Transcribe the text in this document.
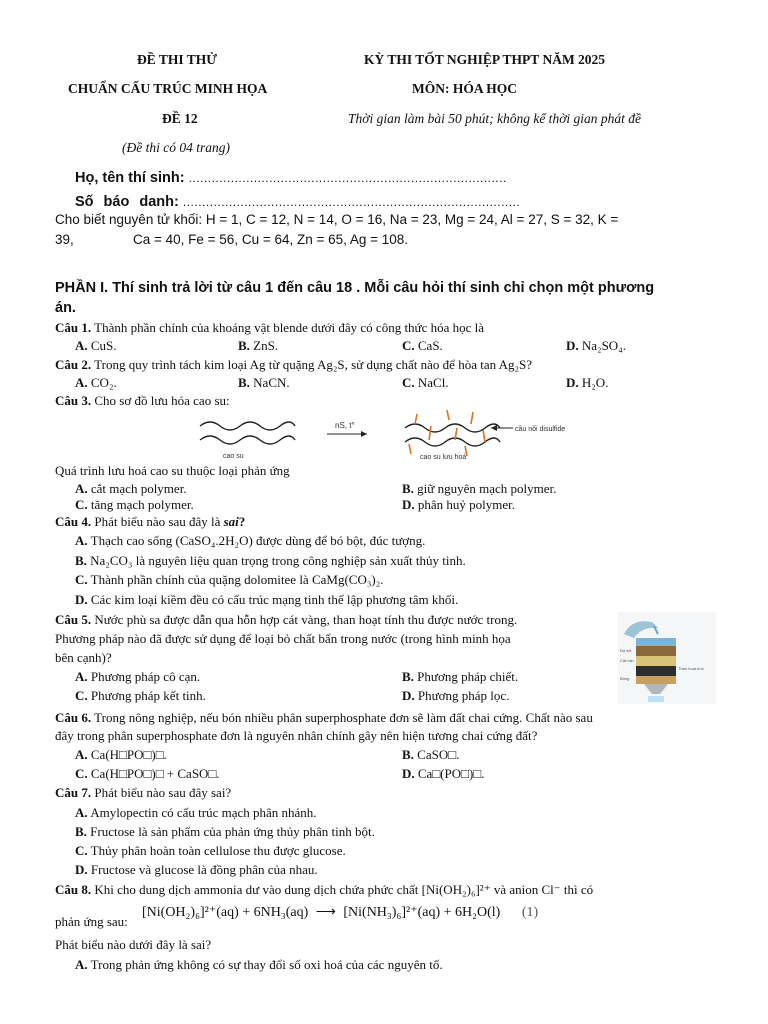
ĐỀ THI THỬ
CHUẨN CẤU TRÚC MINH HỌA
ĐỀ 12
(Đề thi có 04 trang)
KỲ THI TỐT NGHIỆP THPT NĂM 2025
MÔN: HÓA HỌC
Thời gian làm bài 50 phút; không kể thời gian phát đề
Họ, tên thí sinh: ...................................................................................
Số báo danh: ........................................................................................
Cho biết nguyên tử khối: H = 1, C = 12, N = 14, O = 16, Na = 23, Mg = 24, Al = 27, S = 32, K =
39,	Ca = 40, Fe = 56, Cu = 64, Zn = 65, Ag = 108.
PHẦN I. Thí sinh trả lời từ câu 1 đến câu 18 . Mỗi câu hỏi thí sinh chỉ chọn một phương
án.
Câu 1. Thành phần chính của khoáng vật blende dưới đây có công thức hóa học là
A. CuS.	B. ZnS.	C. CaS.	D. Na₂SO₄.
Câu 2. Trong quy trình tách kim loại Ag từ quặng Ag₂S, sử dụng chất nào để hòa tan Ag₂S?
A. CO₂.	B. NaCN.	C. NaCl.	D. H₂O.
Câu 3. Cho sơ đồ lưu hóa cao su:
cao su
nS, t°	cầu nối disulfide
cao su lưu hoá
Quá trình lưu hoá cao su thuộc loại phản ứng
A. cắt mạch polymer.	B. giữ nguyên mạch polymer.
C. tăng mạch polymer.	D. phân huỷ polymer.
Câu 4. Phát biểu nào sau đây là sai?
A. Thạch cao sống (CaSO₄.2H₂O) được dùng để bó bột, đúc tượng.
B. Na₂CO₃ là nguyên liệu quan trọng trong công nghiệp sản xuất thủy tinh.
C. Thành phần chính của quặng dolomitee là CaMg(CO₃)₂.
D. Các kim loại kiềm đều có cấu trúc mạng tinh thể lập phương tâm khối.
Câu 5. Nước phù sa được dẫn qua hỗn hợp cát vàng, than hoạt tính thu được nước trong.
Phương pháp nào đã được sử dụng để loại bỏ chất bẩn trong nước (trong hình minh họa
bên cạnh)?
A. Phương pháp cô cạn.	B. Phương pháp chiết.
C. Phương pháp kết tinh.	D. Phương pháp lọc.
Đá sỏi
Cát mịn
Than hoạt tính
Bông
Câu 6. Trong nông nghiệp, nếu bón nhiều phân superphosphate đơn sẽ làm đất chai cứng. Chất nào sau
đây trong phân superphosphate đơn là nguyên nhân chính gây nên hiện tương chai cứng đất?
A. Ca(H□PO□)□.	B. CaSO□.
C. Ca(H□PO□)□ + CaSO□.	D. Ca□(PO□)□.
Câu 7. Phát biểu nào sau đây sai?
A. Amylopectin có cấu trúc mạch phân nhánh.
B. Fructose là sản phẩm của phản ứng thủy phân tinh bột.
C. Thủy phân hoàn toàn cellulose thu được glucose.
D. Fructose và glucose là đồng phân của nhau.
Câu 8. Khi cho dung dịch ammonia dư vào dung dịch chứa phức chất [Ni(OH₂)₆]²⁺ và anion Cl⁻ thì có
phản ứng sau:
[Ni(OH₂)₆]²⁺(aq) + 6NH₃(aq) ⟶ [Ni(NH₃)₆]²⁺(aq) + 6H₂O(l) (1)
Phát biểu nào dưới đây là sai?
A. Trong phản ứng không có sự thay đổi số oxi hoá của các nguyên tố.
